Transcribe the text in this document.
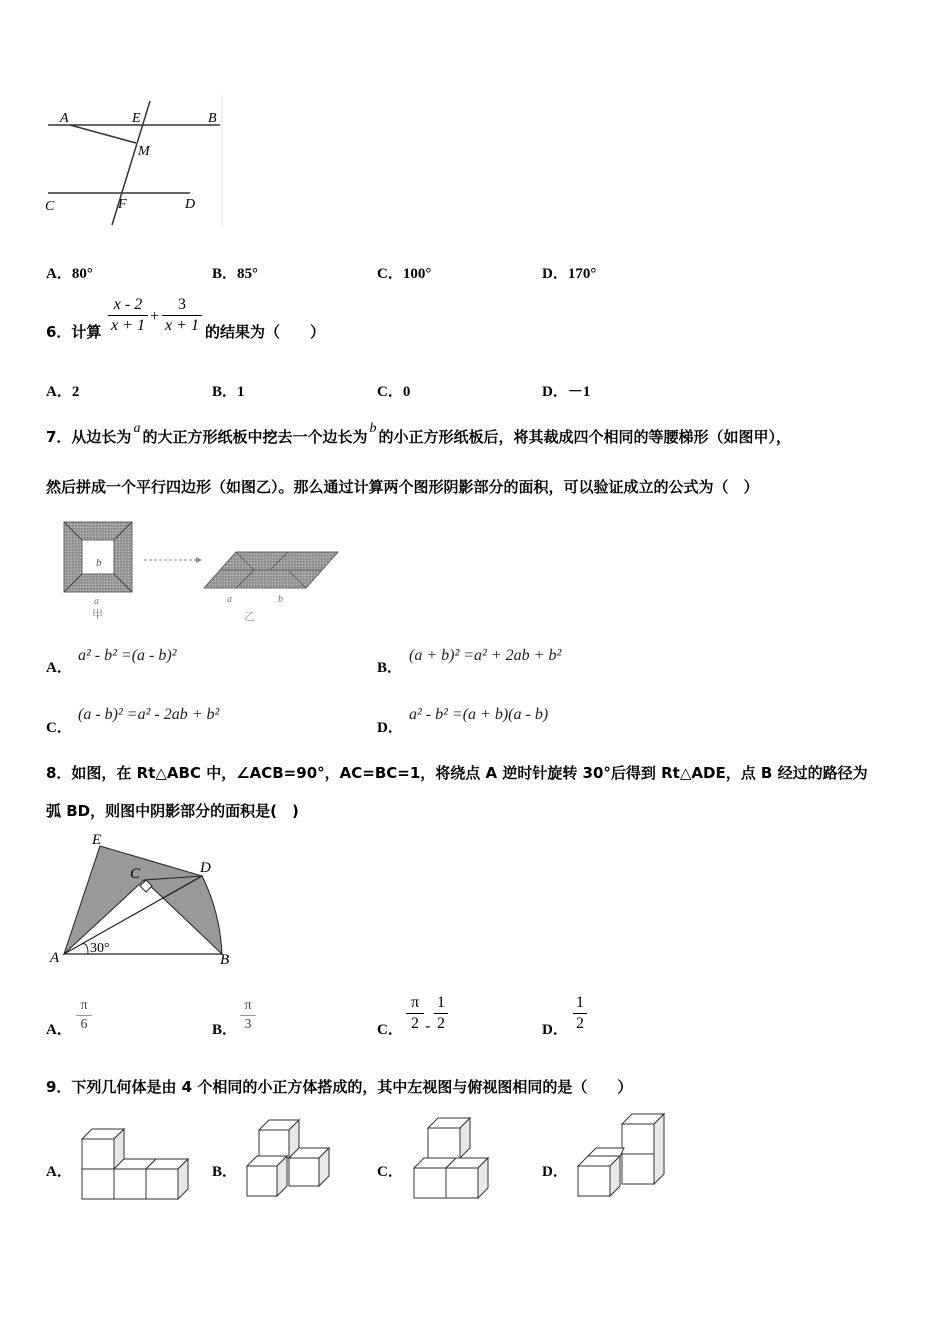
A	E	B
M
C	F	D
A．80°	B．85°	C．100°	D．170°
6．计算 $\frac{x - 2}{x + 1} + \frac{3}{x + 1}$ 的结果为（　　）
A．2	B．1	C．0	D．－1
7．从边长为 a 的大正方形纸板中挖去一个边长为 b 的小正方形纸板后，将其裁成四个相同的等腰梯形（如图甲），
然后拼成一个平行四边形（如图乙）。那么通过计算两个图形阴影部分的面积，可以验证成立的公式为（　）
b
a
甲
a	b
乙
A．
a² - b² =(a - b)²
B．
(a + b)² =a² + 2ab + b²
C．
(a - b)² =a² - 2ab + b²
D．
a² - b² =(a + b)(a - b)
8．如图，在 Rt△ABC 中，∠ACB=90°，AC=BC=1，将绕点 A 逆时针旋转 30°后得到 Rt△ADE，点 B 经过的路径为
弧 BD，则图中阴影部分的面积是(　)
E
C	D
A	B
30°
A． $\frac{\pi}{6}$	B． $\frac{\pi}{3}$	C． $\frac{\pi}{2} - \frac{1}{2}$	D． $\frac{1}{2}$
9．下列几何体是由 4 个相同的小正方体搭成的，其中左视图与俯视图相同的是（　　）
A．	B．	C．	D．
